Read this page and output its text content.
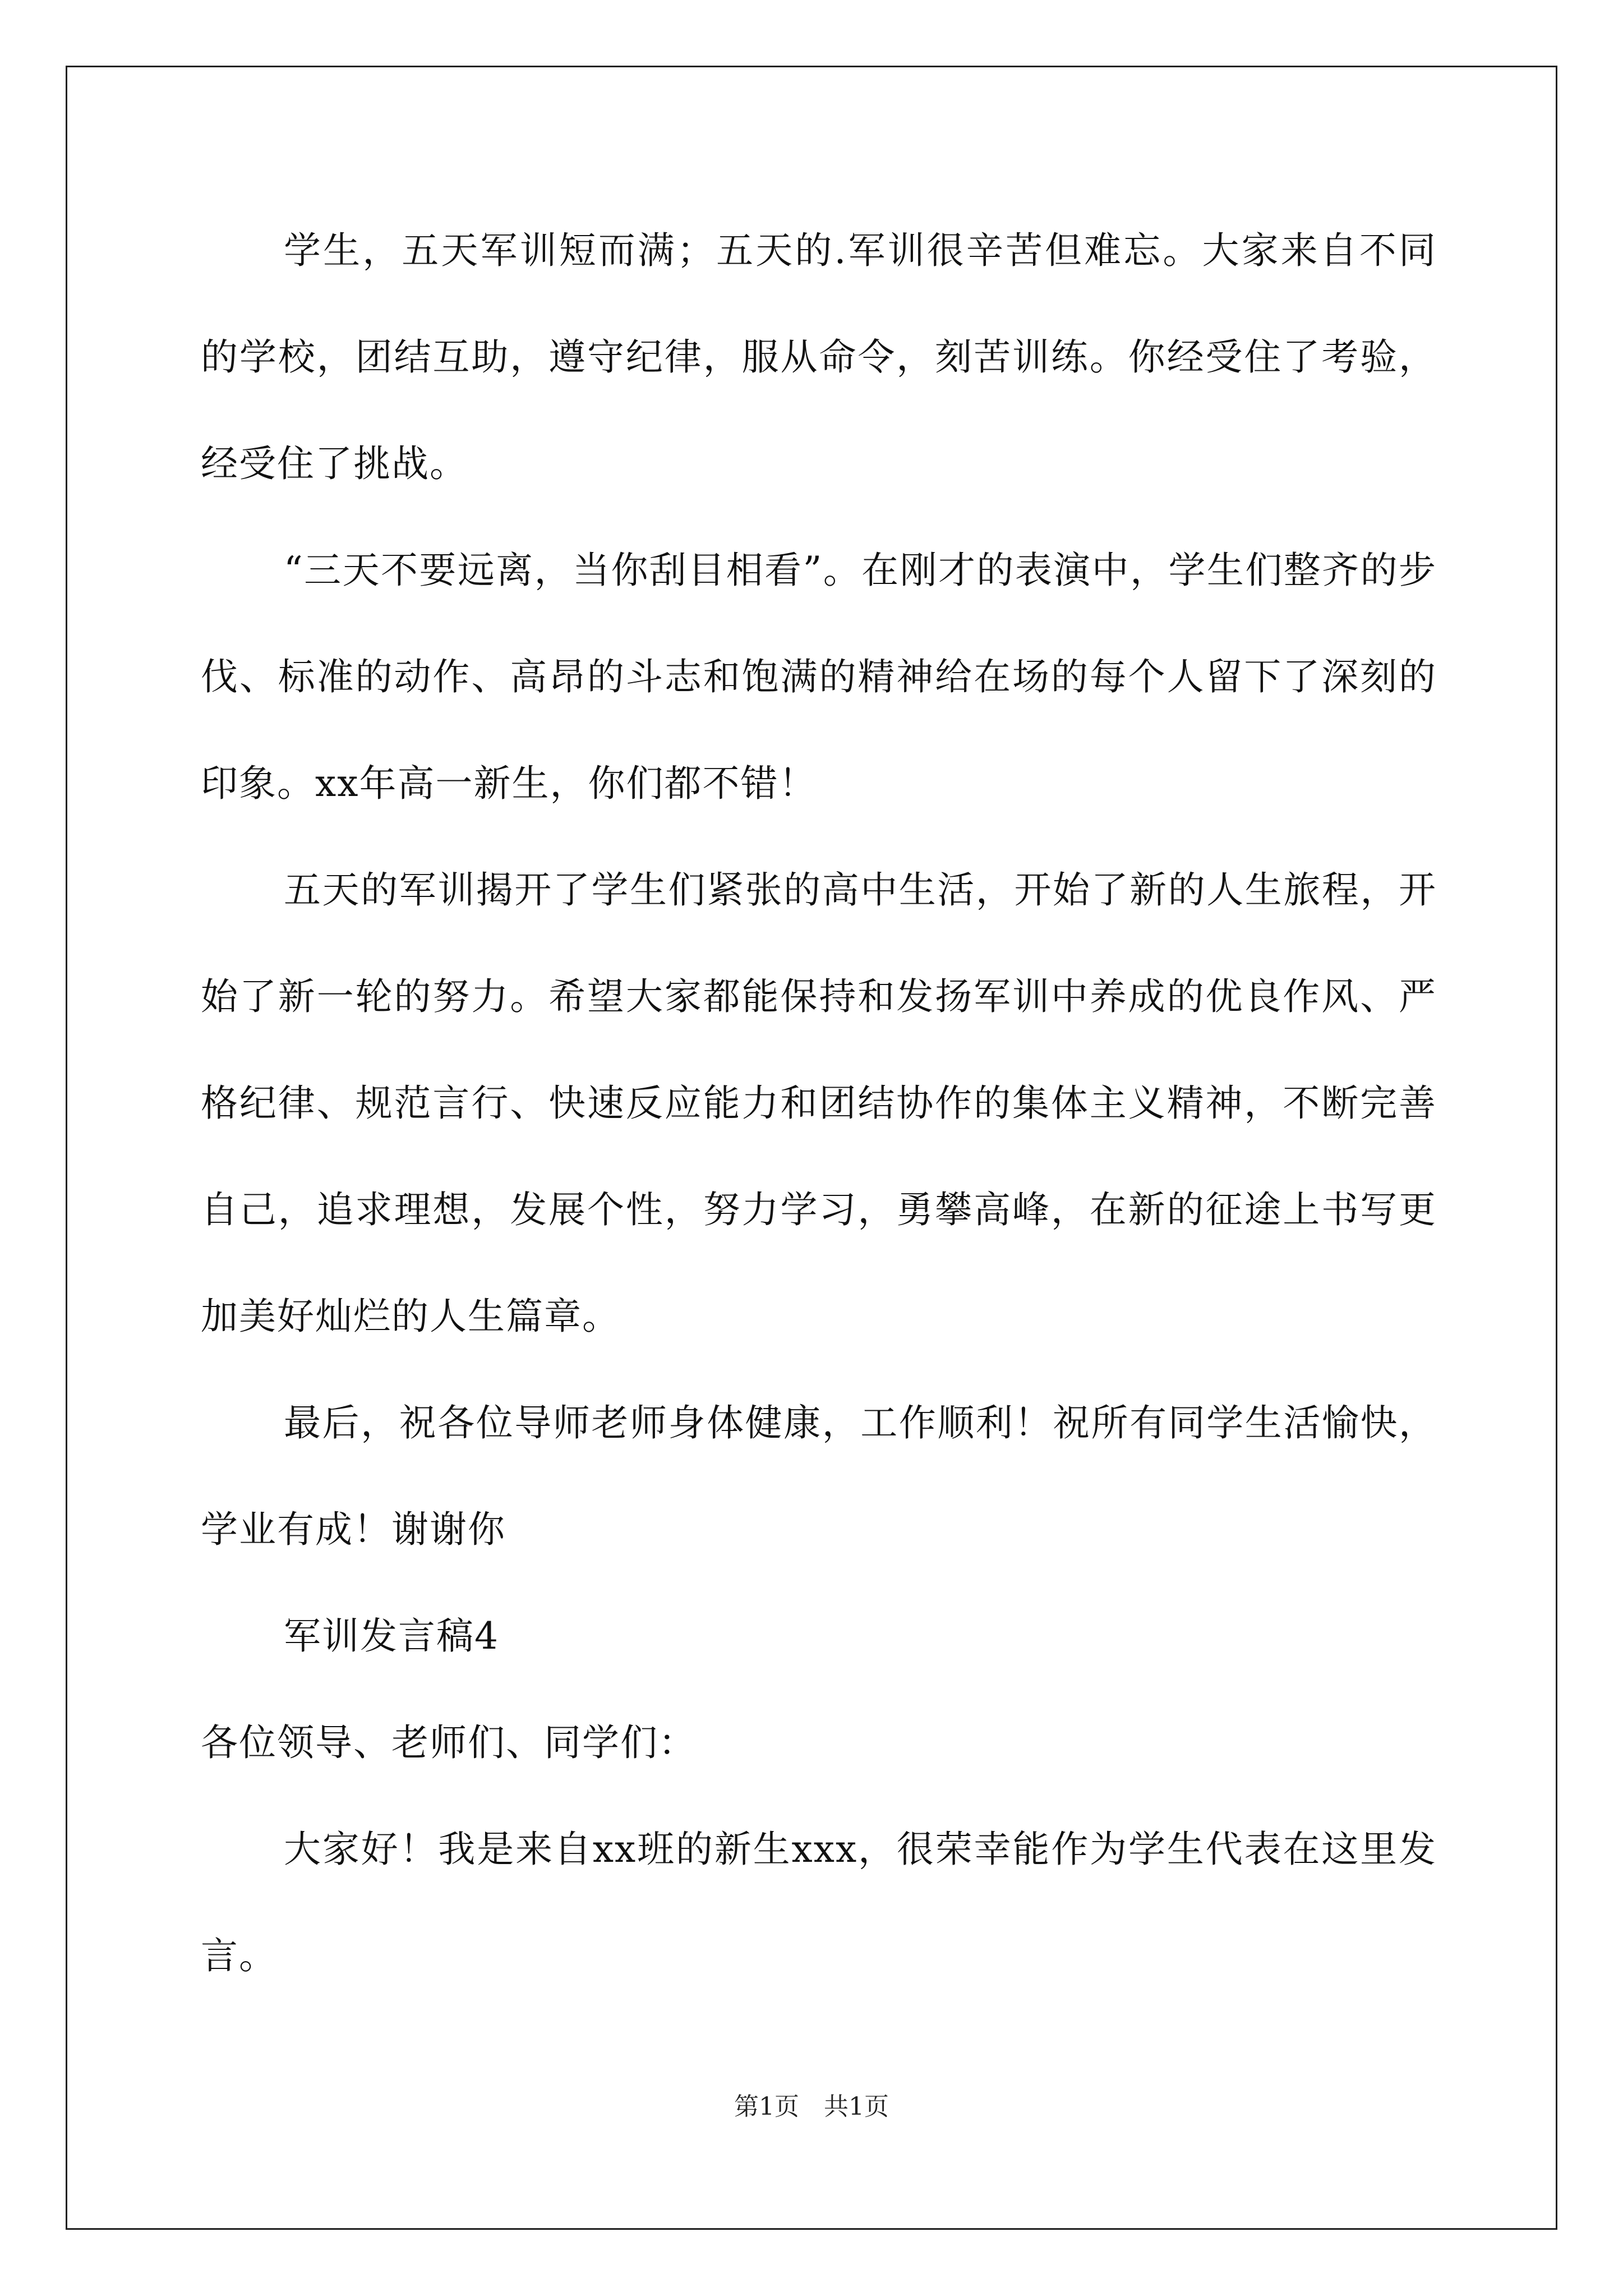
学生，五天军训短而满；五天的.军训很辛苦但难忘。大家来自不同的学校，团结互助，遵守纪律，服从命令，刻苦训练。你经受住了考验，经受住了挑战。

“三天不要远离，当你刮目相看”。在刚才的表演中，学生们整齐的步伐、标准的动作、高昂的斗志和饱满的精神给在场的每个人留下了深刻的印象。xx年高一新生，你们都不错！

五天的军训揭开了学生们紧张的高中生活，开始了新的人生旅程，开始了新一轮的努力。希望大家都能保持和发扬军训中养成的优良作风、严格纪律、规范言行、快速反应能力和团结协作的集体主义精神，不断完善自己，追求理想，发展个性，努力学习，勇攀高峰，在新的征途上书写更加美好灿烂的人生篇章。

最后，祝各位导师老师身体健康，工作顺利！祝所有同学生活愉快，学业有成！谢谢你

军训发言稿4

各位领导、老师们、同学们：

大家好！我是来自xx班的新生xxx，很荣幸能作为学生代表在这里发言。

第1页　共1页
